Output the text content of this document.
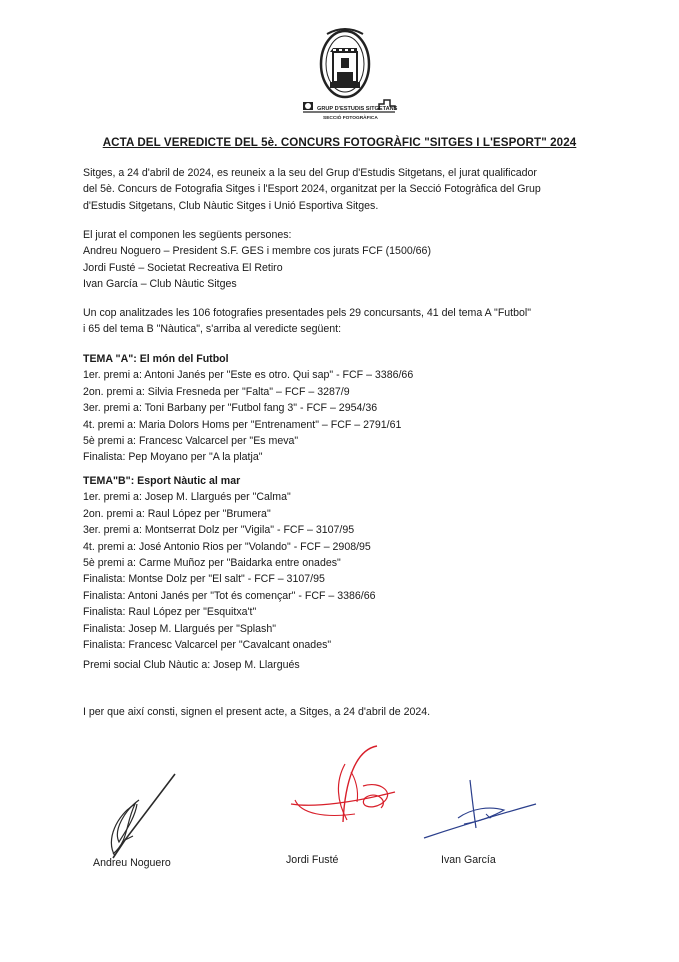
GRUP D'ESTUDIS SITGETANS
SECCIÓ FOTOGRÀFICA
ACTA DEL VEREDICTE DEL 5è. CONCURS FOTOGRÀFIC "SITGES I L'ESPORT" 2024

Sitges, a 24 d'abril de 2024, es reuneix a la seu del Grup d'Estudis Sitgetans, el jurat qualificador

del 5è. Concurs de Fotografia Sitges i l'Esport 2024, organitzat per la Secció Fotogràfica del Grup

d'Estudis Sitgetans, Club Nàutic Sitges i Unió Esportiva Sitges.

El jurat el componen les següents persones:

Andreu Noguero – President S.F. GES i membre cos jurats FCF (1500/66)

Jordi Fusté – Societat Recreativa El Retiro

Ivan García – Club Nàutic Sitges

Un cop analitzades les 106 fotografies presentades pels 29 concursants, 41 del tema A "Futbol"

i 65 del tema B "Nàutica", s'arriba al veredicte següent:

TEMA "A": El món del Futbol

1er. premi a: Antoni Janés per "Este es otro. Qui sap" - FCF – 3386/66

2on. premi a: Silvia Fresneda per "Falta" – FCF – 3287/9

3er. premi a: Toni Barbany per "Futbol fang 3" - FCF – 2954/36

4t. premi a: Maria Dolors Homs per "Entrenament" – FCF – 2791/61

5è premi a: Francesc Valcarcel per "Es meva"

Finalista: Pep Moyano per "A la platja"

TEMA"B": Esport Nàutic al mar

1er. premi a: Josep M. Llargués per "Calma"

2on. premi a: Raul López per "Brumera"

3er. premi a: Montserrat Dolz per "Vigila" - FCF – 3107/95

4t. premi a: José Antonio Rios per "Volando" - FCF – 2908/95

5è premi a: Carme Muñoz per "Baidarka entre onades"

Finalista: Montse Dolz per "El salt" - FCF – 3107/95

Finalista: Antoni Janés per "Tot és començar" - FCF – 3386/66

Finalista: Raul López per "Esquitxa't"

Finalista: Josep M. Llargués per "Splash"

Finalista: Francesc Valcarcel per "Cavalcant onades"

Premi social Club Nàutic a: Josep M. Llargués

I per que així consti, signen el present acte, a Sitges, a 24 d'abril de 2024.

Andreu Noguero	Jordi Fusté	Ivan García
